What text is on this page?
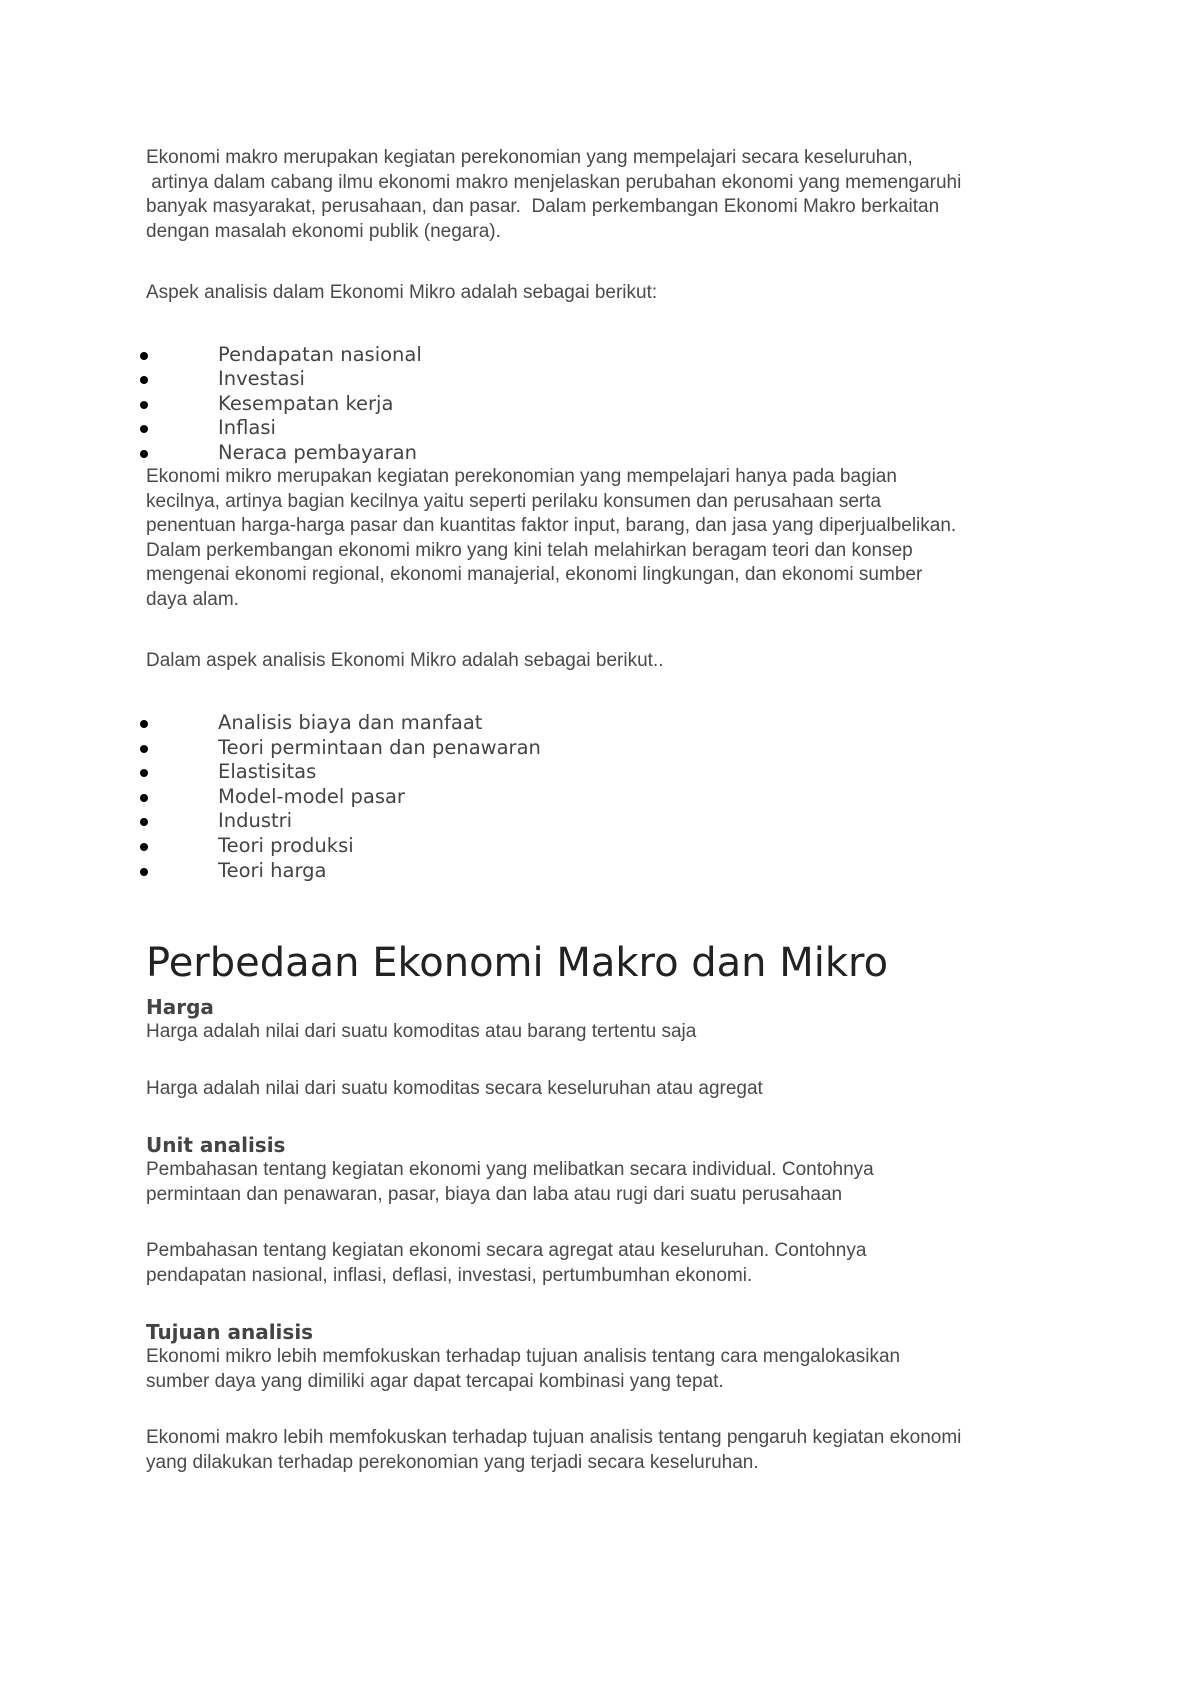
Ekonomi makro merupakan kegiatan perekonomian yang mempelajari secara keseluruhan,
artinya dalam cabang ilmu ekonomi makro menjelaskan perubahan ekonomi yang memengaruhi
banyak masyarakat, perusahaan, dan pasar.  Dalam perkembangan Ekonomi Makro berkaitan
dengan masalah ekonomi publik (negara).

Aspek analisis dalam Ekonomi Mikro adalah sebagai berikut:

Pendapatan nasional
Investasi
Kesempatan kerja
Inflasi
Neraca pembayaran

Ekonomi mikro merupakan kegiatan perekonomian yang mempelajari hanya pada bagian
kecilnya, artinya bagian kecilnya yaitu seperti perilaku konsumen dan perusahaan serta
penentuan harga-harga pasar dan kuantitas faktor input, barang, dan jasa yang diperjualbelikan.
Dalam perkembangan ekonomi mikro yang kini telah melahirkan beragam teori dan konsep
mengenai ekonomi regional, ekonomi manajerial, ekonomi lingkungan, dan ekonomi sumber
daya alam.

Dalam aspek analisis Ekonomi Mikro adalah sebagai berikut..

Analisis biaya dan manfaat
Teori permintaan dan penawaran
Elastisitas
Model-model pasar
Industri
Teori produksi
Teori harga
Perbedaan Ekonomi Makro dan Mikro
Harga

Harga adalah nilai dari suatu komoditas atau barang tertentu saja

Harga adalah nilai dari suatu komoditas secara keseluruhan atau agregat

Unit analisis

Pembahasan tentang kegiatan ekonomi yang melibatkan secara individual. Contohnya
permintaan dan penawaran, pasar, biaya dan laba atau rugi dari suatu perusahaan

Pembahasan tentang kegiatan ekonomi secara agregat atau keseluruhan. Contohnya
pendapatan nasional, inflasi, deflasi, investasi, pertumbumhan ekonomi.

Tujuan analisis

Ekonomi mikro lebih memfokuskan terhadap tujuan analisis tentang cara mengalokasikan
sumber daya yang dimiliki agar dapat tercapai kombinasi yang tepat.

Ekonomi makro lebih memfokuskan terhadap tujuan analisis tentang pengaruh kegiatan ekonomi
yang dilakukan terhadap perekonomian yang terjadi secara keseluruhan.
